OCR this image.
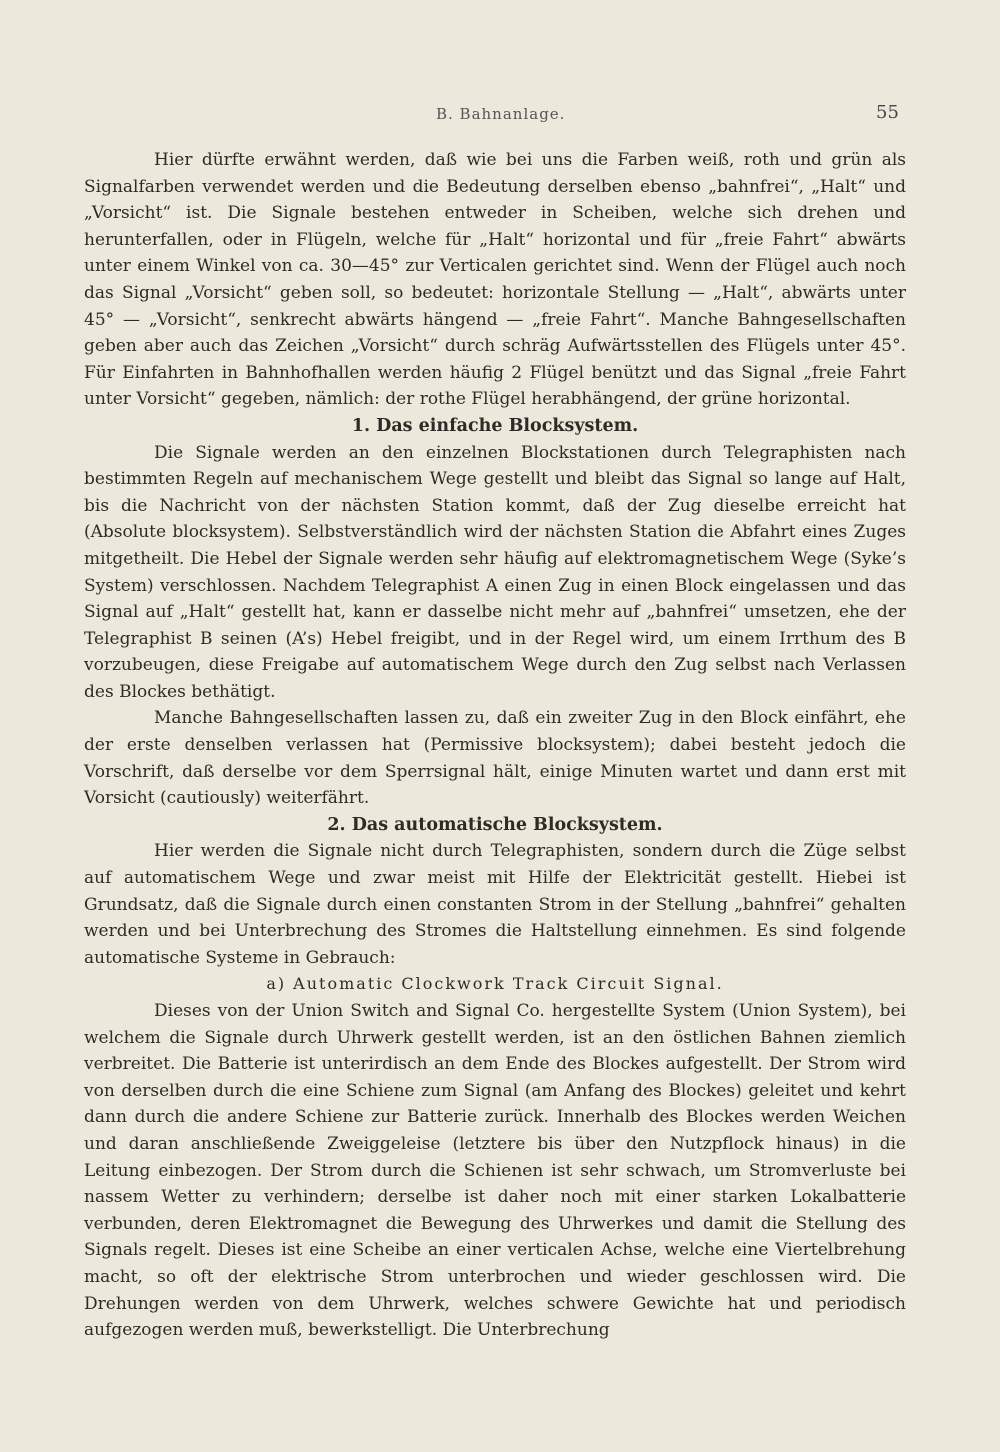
B. Bahnanlage.	55

Hier dürfte erwähnt werden, daß wie bei uns die Farben weiß, roth und grün als Signalfarben verwendet werden und die Bedeutung derselben ebenso „bahnfrei“, „Halt“ und „Vorsicht“ ist. Die Signale bestehen entweder in Scheiben, welche sich drehen und herunterfallen, oder in Flügeln, welche für „Halt“ horizontal und für „freie Fahrt“ abwärts unter einem Winkel von ca. 30—45° zur Verticalen gerichtet sind. Wenn der Flügel auch noch das Signal „Vorsicht“ geben soll, so bedeutet: horizontale Stellung — „Halt“, abwärts unter 45° — „Vorsicht“, senkrecht abwärts hängend — „freie Fahrt“. Manche Bahngesellschaften geben aber auch das Zeichen „Vorsicht“ durch schräg Aufwärtsstellen des Flügels unter 45°. Für Einfahrten in Bahnhofhallen werden häufig 2 Flügel benützt und das Signal „freie Fahrt unter Vorsicht“ gegeben, nämlich: der rothe Flügel herabhängend, der grüne horizontal.

1. Das einfache Blocksystem.

Die Signale werden an den einzelnen Blockstationen durch Telegraphisten nach bestimmten Regeln auf mechanischem Wege gestellt und bleibt das Signal so lange auf Halt, bis die Nachricht von der nächsten Station kommt, daß der Zug dieselbe erreicht hat (Absolute blocksystem). Selbstverständlich wird der nächsten Station die Abfahrt eines Zuges mitgetheilt. Die Hebel der Signale werden sehr häufig auf elektromagnetischem Wege (Syke’s System) verschlossen. Nachdem Telegraphist A einen Zug in einen Block eingelassen und das Signal auf „Halt“ gestellt hat, kann er dasselbe nicht mehr auf „bahnfrei“ umsetzen, ehe der Telegraphist B seinen (A’s) Hebel freigibt, und in der Regel wird, um einem Irrthum des B vorzubeugen, diese Freigabe auf automatischem Wege durch den Zug selbst nach Verlassen des Blockes bethätigt.

Manche Bahngesellschaften lassen zu, daß ein zweiter Zug in den Block einfährt, ehe der erste denselben verlassen hat (Permissive blocksystem); dabei besteht jedoch die Vorschrift, daß derselbe vor dem Sperrsignal hält, einige Minuten wartet und dann erst mit Vorsicht (cautiously) weiterfährt.

2. Das automatische Blocksystem.

Hier werden die Signale nicht durch Telegraphisten, sondern durch die Züge selbst auf automatischem Wege und zwar meist mit Hilfe der Elektricität gestellt. Hiebei ist Grundsatz, daß die Signale durch einen constanten Strom in der Stellung „bahnfrei“ gehalten werden und bei Unterbrechung des Stromes die Haltstellung einnehmen. Es sind folgende automatische Systeme in Gebrauch:

a) Automatic Clockwork Track Circuit Signal.

Dieses von der Union Switch and Signal Co. hergestellte System (Union System), bei welchem die Signale durch Uhrwerk gestellt werden, ist an den östlichen Bahnen ziemlich verbreitet. Die Batterie ist unterirdisch an dem Ende des Blockes aufgestellt. Der Strom wird von derselben durch die eine Schiene zum Signal (am Anfang des Blockes) geleitet und kehrt dann durch die andere Schiene zur Batterie zurück. Innerhalb des Blockes werden Weichen und daran anschließende Zweiggeleise (letztere bis über den Nutzpflock hinaus) in die Leitung einbezogen. Der Strom durch die Schienen ist sehr schwach, um Stromverluste bei nassem Wetter zu verhindern; derselbe ist daher noch mit einer starken Lokalbatterie verbunden, deren Elektromagnet die Bewegung des Uhrwerkes und damit die Stellung des Signals regelt. Dieses ist eine Scheibe an einer verticalen Achse, welche eine Viertelbrehung macht, so oft der elektrische Strom unterbrochen und wieder geschlossen wird. Die Drehungen werden von dem Uhrwerk, welches schwere Gewichte hat und periodisch aufgezogen werden muß, bewerkstelligt. Die Unterbrechung
